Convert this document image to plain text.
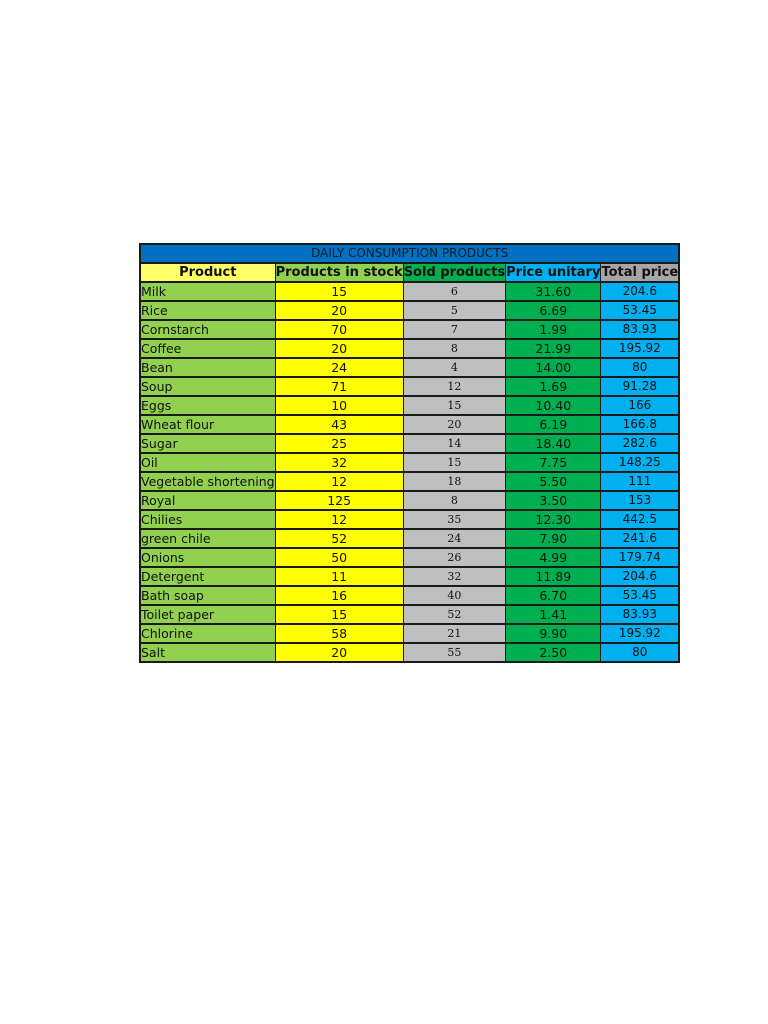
DAILY CONSUMPTION PRODUCTS				
Product	Products in stock	Sold products	Price unitary	Total price
Milk	15	6	31.60	204.6
Rice	20	5	6.69	53.45
Cornstarch	70	7	1.99	83.93
Coffee	20	8	21.99	195.92
Bean	24	4	14.00	80
Soup	71	12	1.69	91.28
Eggs	10	15	10.40	166
Wheat flour	43	20	6.19	166.8
Sugar	25	14	18.40	282.6
Oil	32	15	7.75	148.25
Vegetable shortening	12	18	5.50	111
Royal	125	8	3.50	153
Chilies	12	35	12.30	442.5
green chile	52	24	7.90	241.6
Onions	50	26	4.99	179.74
Detergent	11	32	11.89	204.6
Bath soap	16	40	6.70	53.45
Toilet paper	15	52	1.41	83.93
Chlorine	58	21	9.90	195.92
Salt	20	55	2.50	80
